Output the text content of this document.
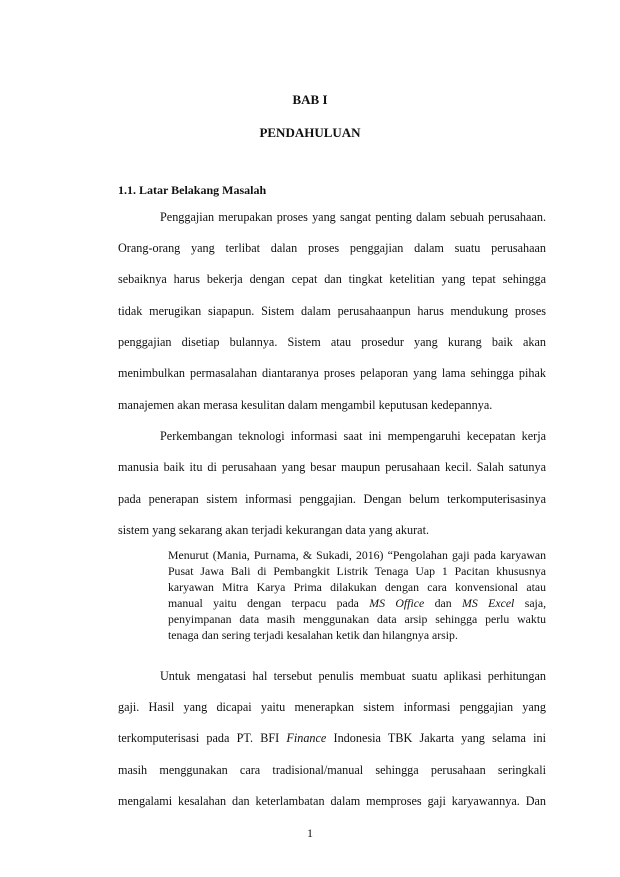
BAB I
PENDAHULUAN
1.1. Latar Belakang Masalah
Penggajian merupakan proses yang sangat penting dalam sebuah perusahaan.
Orang-orang yang terlibat dalan proses penggajian dalam suatu perusahaan
sebaiknya harus bekerja dengan cepat dan tingkat ketelitian yang tepat sehingga
tidak merugikan siapapun. Sistem dalam perusahaanpun harus mendukung proses
penggajian disetiap bulannya. Sistem atau prosedur yang kurang baik akan
menimbulkan permasalahan diantaranya proses pelaporan yang lama sehingga pihak
manajemen akan merasa kesulitan dalam mengambil keputusan kedepannya.
Perkembangan teknologi informasi saat ini mempengaruhi kecepatan kerja
manusia baik itu di perusahaan yang besar maupun perusahaan kecil. Salah satunya
pada penerapan sistem informasi penggajian. Dengan belum terkomputerisasinya
sistem yang sekarang akan terjadi kekurangan data yang akurat.
Menurut (Mania, Purnama, & Sukadi, 2016) “Pengolahan gaji pada karyawan
Pusat Jawa Bali di Pembangkit Listrik Tenaga Uap 1 Pacitan khususnya
karyawan Mitra Karya Prima dilakukan dengan cara konvensional atau
manual yaitu dengan terpacu pada MS Office dan MS Excel saja,
penyimpanan data masih menggunakan data arsip sehingga perlu waktu
tenaga dan sering terjadi kesalahan ketik dan hilangnya arsip.
Untuk mengatasi hal tersebut penulis membuat suatu aplikasi perhitungan
gaji. Hasil yang dicapai yaitu menerapkan sistem informasi penggajian yang
terkomputerisasi pada PT. BFI Finance Indonesia TBK Jakarta yang selama ini
masih menggunakan cara tradisional/manual sehingga perusahaan seringkali
mengalami kesalahan dan keterlambatan dalam memproses gaji karyawannya. Dan
1
